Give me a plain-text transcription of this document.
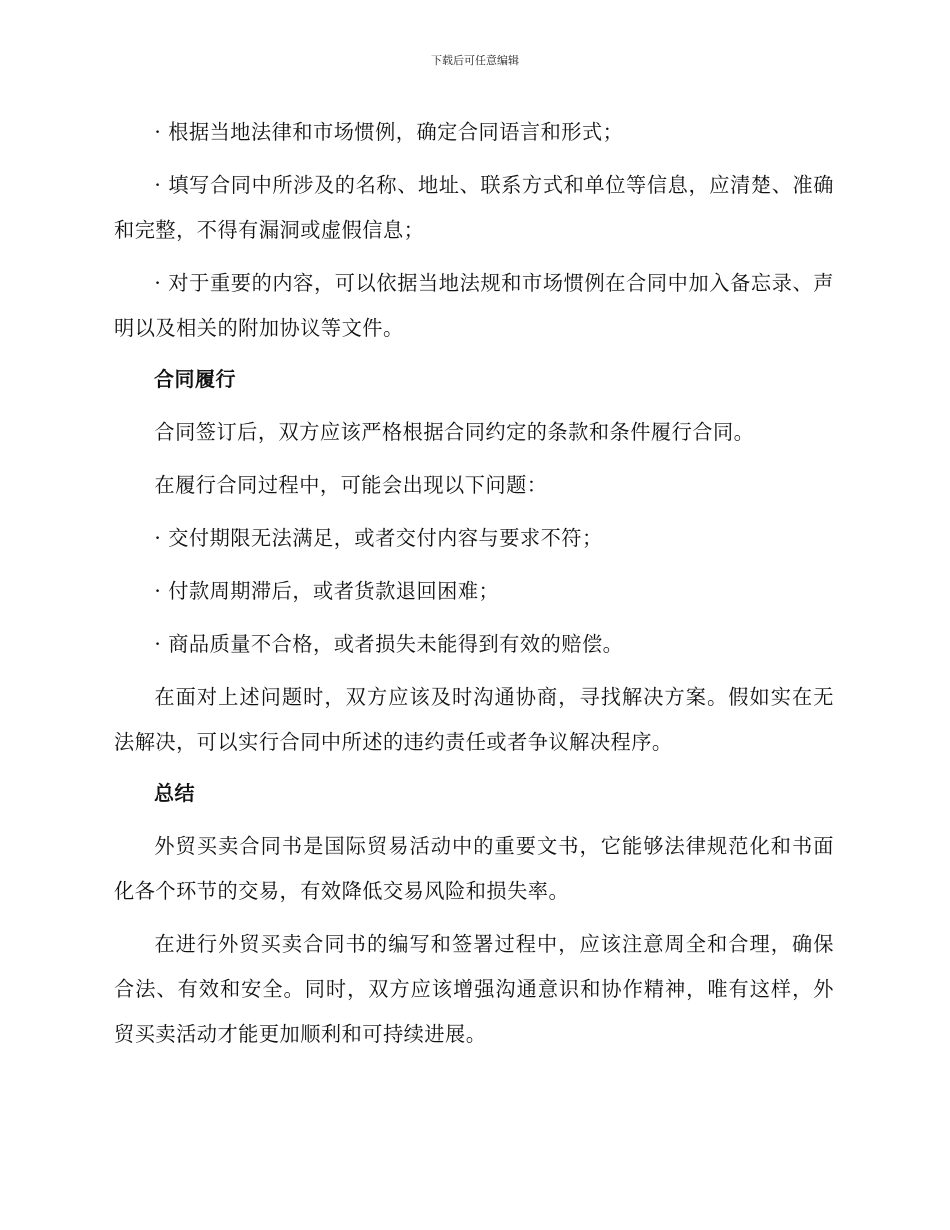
下载后可任意编辑

· 根据当地法律和市场惯例，确定合同语言和形式；

· 填写合同中所涉及的名称、地址、联系方式和单位等信息，应清楚、准确和完整，不得有漏洞或虚假信息；

· 对于重要的内容，可以依据当地法规和市场惯例在合同中加入备忘录、声明以及相关的附加协议等文件。

合同履行

合同签订后，双方应该严格根据合同约定的条款和条件履行合同。

在履行合同过程中，可能会出现以下问题：

· 交付期限无法满足，或者交付内容与要求不符；

· 付款周期滞后，或者货款退回困难；

· 商品质量不合格，或者损失未能得到有效的赔偿。

在面对上述问题时，双方应该及时沟通协商，寻找解决方案。假如实在无法解决，可以实行合同中所述的违约责任或者争议解决程序。

总结

外贸买卖合同书是国际贸易活动中的重要文书，它能够法律规范化和书面化各个环节的交易，有效降低交易风险和损失率。

在进行外贸买卖合同书的编写和签署过程中，应该注意周全和合理，确保合法、有效和安全。同时，双方应该增强沟通意识和协作精神，唯有这样，外贸买卖活动才能更加顺利和可持续进展。
